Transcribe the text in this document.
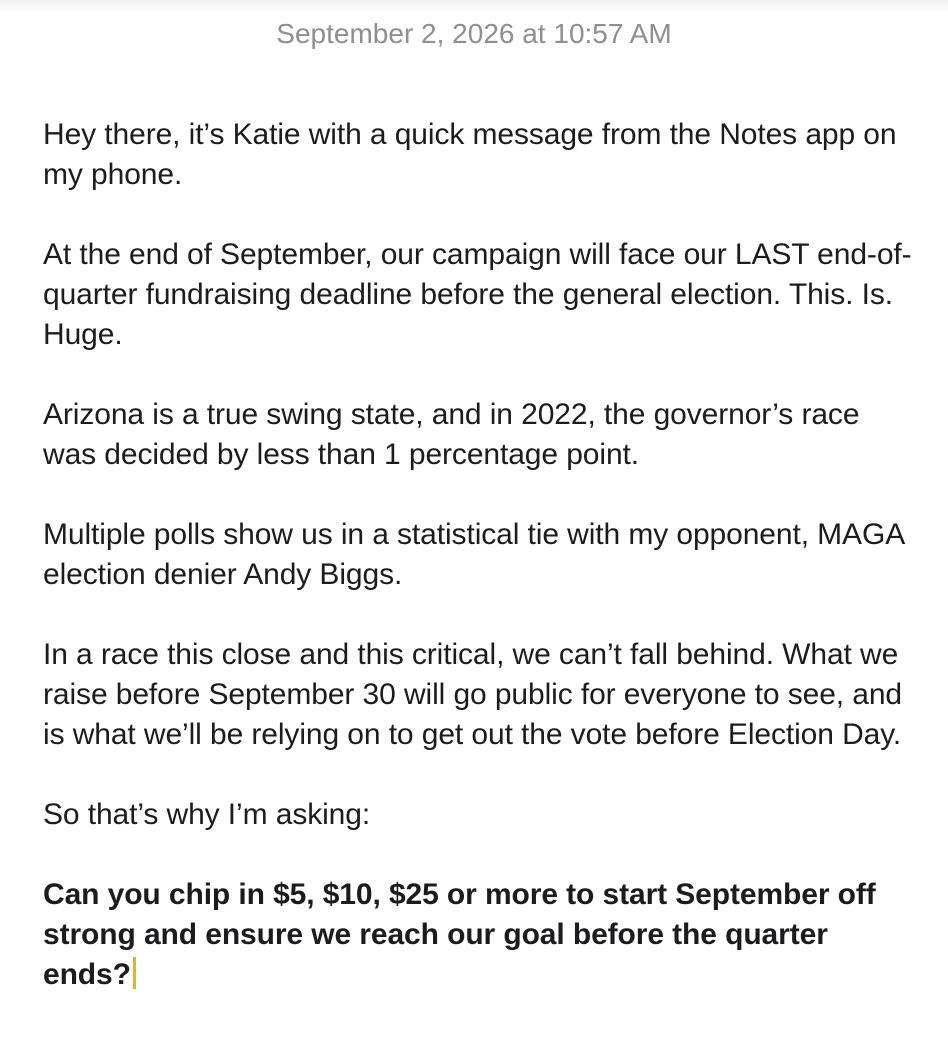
September 2, 2026 at 10:57 AM

Hey there, it’s Katie with a quick message from the Notes app on my phone.

At the end of September, our campaign will face our LAST end-of-quarter fundraising deadline before the general election. This. Is. Huge.

Arizona is a true swing state, and in 2022, the governor’s race was decided by less than 1 percentage point.

Multiple polls show us in a statistical tie with my opponent, MAGA election denier Andy Biggs.

In a race this close and this critical, we can’t fall behind. What we raise before September 30 will go public for everyone to see, and is what we’ll be relying on to get out the vote before Election Day.

So that’s why I’m asking:

Can you chip in $5, $10, $25 or more to start September off strong and ensure we reach our goal before the quarter ends?
